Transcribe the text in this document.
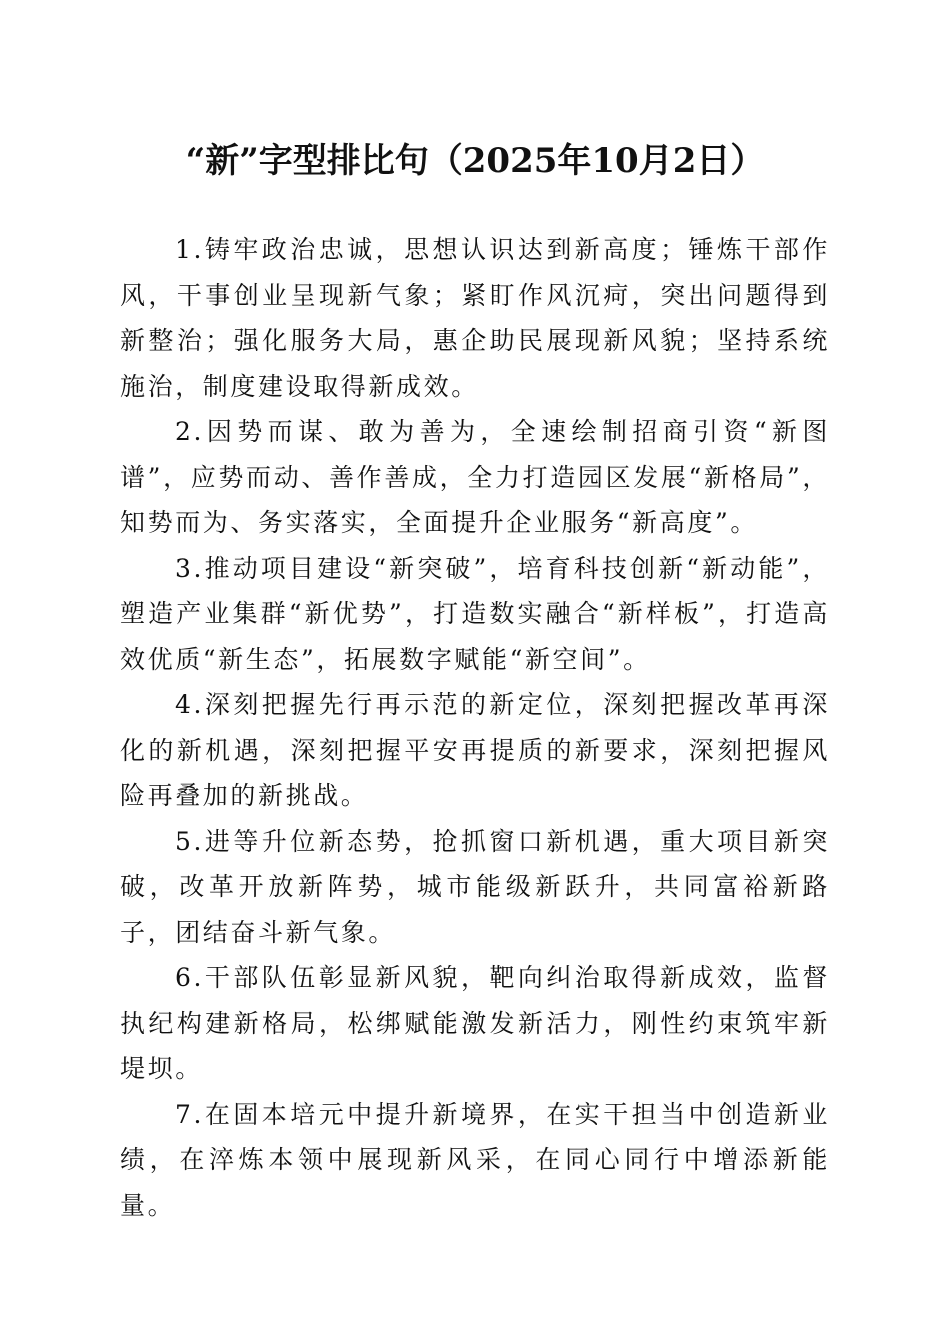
“新”字型排比句（2025年10月2日）

1.铸牢政治忠诚，思想认识达到新高度；锤炼干部作风，干事创业呈现新气象；紧盯作风沉疴，突出问题得到新整治；强化服务大局，惠企助民展现新风貌；坚持系统施治，制度建设取得新成效。

2.因势而谋、敢为善为，全速绘制招商引资“新图谱”，应势而动、善作善成，全力打造园区发展“新格局”，知势而为、务实落实，全面提升企业服务“新高度”。

3.推动项目建设“新突破”，培育科技创新“新动能”，塑造产业集群“新优势”，打造数实融合“新样板”，打造高效优质“新生态”，拓展数字赋能“新空间”。

4.深刻把握先行再示范的新定位，深刻把握改革再深化的新机遇，深刻把握平安再提质的新要求，深刻把握风险再叠加的新挑战。

5.进等升位新态势，抢抓窗口新机遇，重大项目新突破，改革开放新阵势，城市能级新跃升，共同富裕新路子，团结奋斗新气象。

6.干部队伍彰显新风貌，靶向纠治取得新成效，监督执纪构建新格局，松绑赋能激发新活力，刚性约束筑牢新堤坝。

7.在固本培元中提升新境界，在实干担当中创造新业绩，在淬炼本领中展现新风采，在同心同行中增添新能量。
